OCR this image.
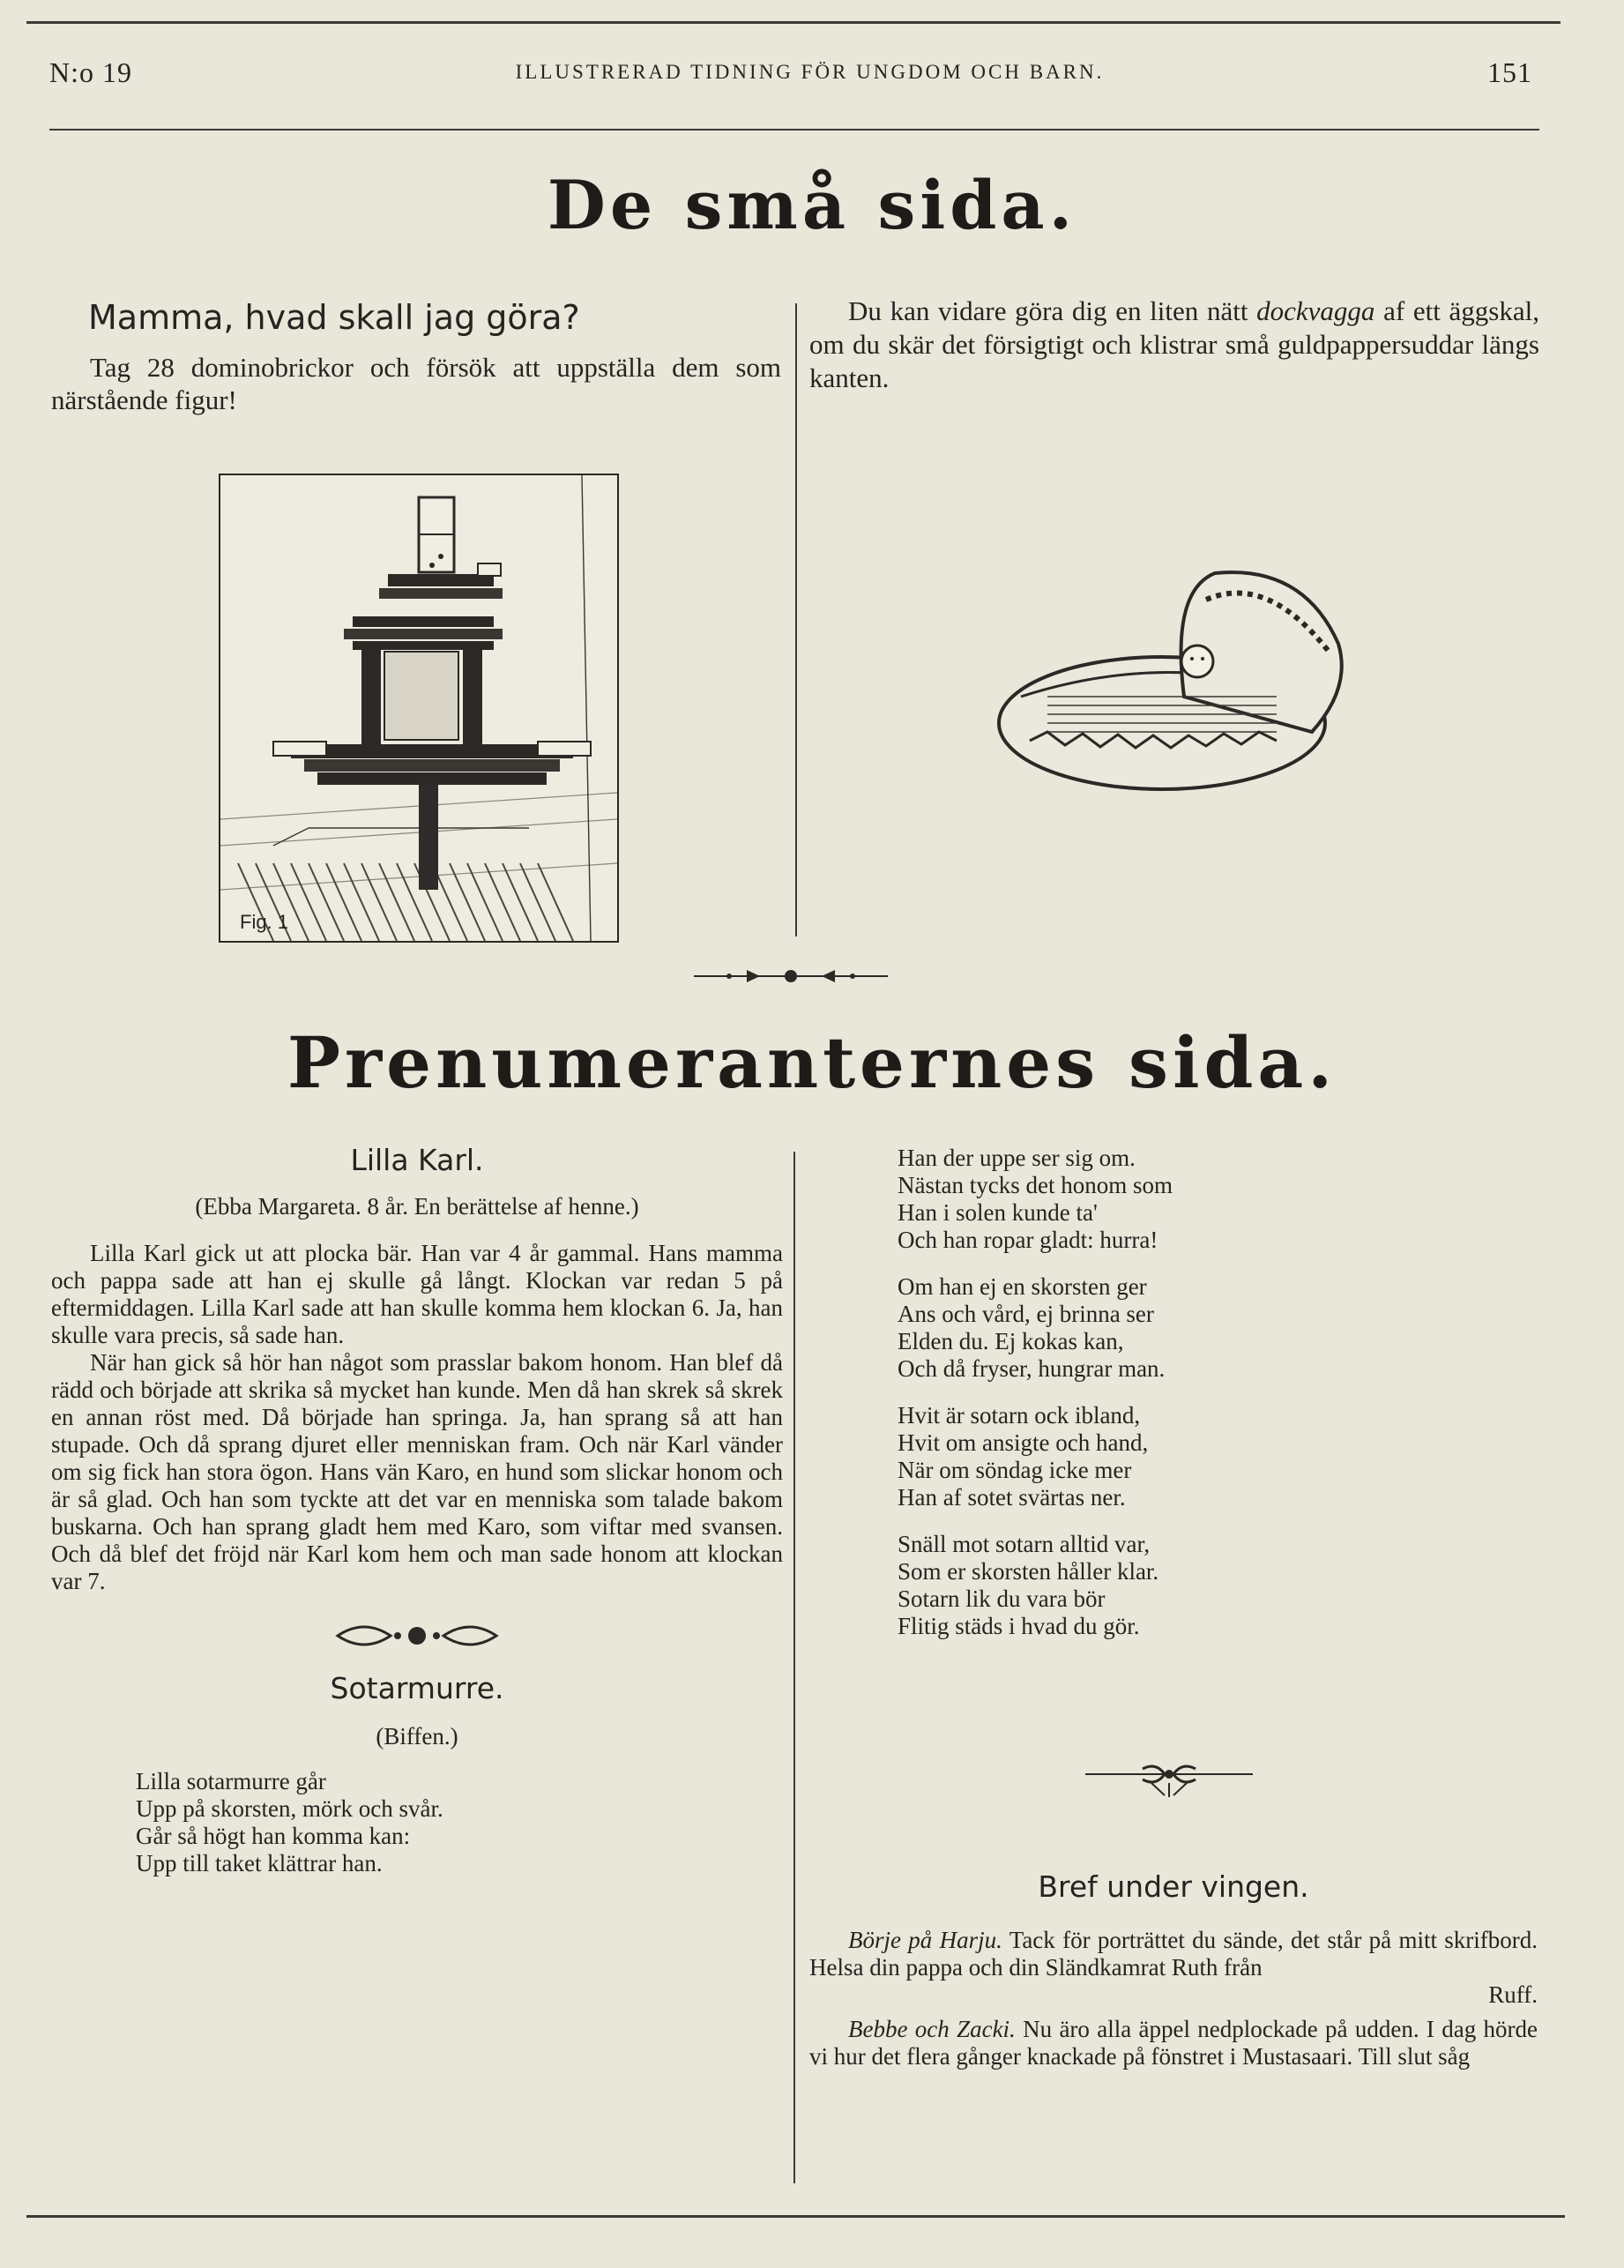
N:o 19	ILLUSTRERAD TIDNING FÖR UNGDOM OCH BARN.	151
De små sida.
Mamma, hvad skall jag göra?

Tag 28 dominobrickor och försök att uppställa dem som närstående figur!

Fig. 1

Du kan vidare göra dig en liten nätt dockvagga af ett äggskal, om du skär det försigtigt och klistrar små guldpappersuddar längs kanten.

Prenumeranternes sida.
Lilla Karl.

(Ebba Margareta. 8 år. En berättelse af henne.)

Lilla Karl gick ut att plocka bär. Han var 4 år gammal. Hans mamma och pappa sade att han ej skulle gå långt. Klockan var redan 5 på eftermiddagen. Lilla Karl sade att han skulle komma hem klockan 6. Ja, han skulle vara precis, så sade han.

När han gick så hör han något som prasslar bakom honom. Han blef då rädd och började att skrika så mycket han kunde. Men då han skrek så skrek en annan röst med. Då började han springa. Ja, han sprang så att han stupade. Och då sprang djuret eller menniskan fram. Och när Karl vänder om sig fick han stora ögon. Hans vän Karo, en hund som slickar honom och är så glad. Och han som tyckte att det var en menniska som talade bakom buskarna. Och han sprang gladt hem med Karo, som viftar med svansen. Och då blef det fröjd när Karl kom hem och man sade honom att klockan var 7.

Sotarmurre.

(Biffen.)

Lilla sotarmurre går

Upp på skorsten, mörk och svår.

Går så högt han komma kan:

Upp till taket klättrar han.

Han der uppe ser sig om.

Nästan tycks det honom som

Han i solen kunde ta'

Och han ropar gladt: hurra!

Om han ej en skorsten ger

Ans och vård, ej brinna ser

Elden du. Ej kokas kan,

Och då fryser, hungrar man.

Hvit är sotarn ock ibland,

Hvit om ansigte och hand,

När om söndag icke mer

Han af sotet svärtas ner.

Snäll mot sotarn alltid var,

Som er skorsten håller klar.

Sotarn lik du vara bör

Flitig städs i hvad du gör.

Bref under vingen.

Börje på Harju. Tack för porträttet du sände, det står på mitt skrifbord. Helsa din pappa och din Sländkamrat Ruth från

Ruff.

Bebbe och Zacki. Nu äro alla äppel nedplockade på udden. I dag hörde vi hur det flera gånger knackade på fönstret i Mustasaari. Till slut såg
